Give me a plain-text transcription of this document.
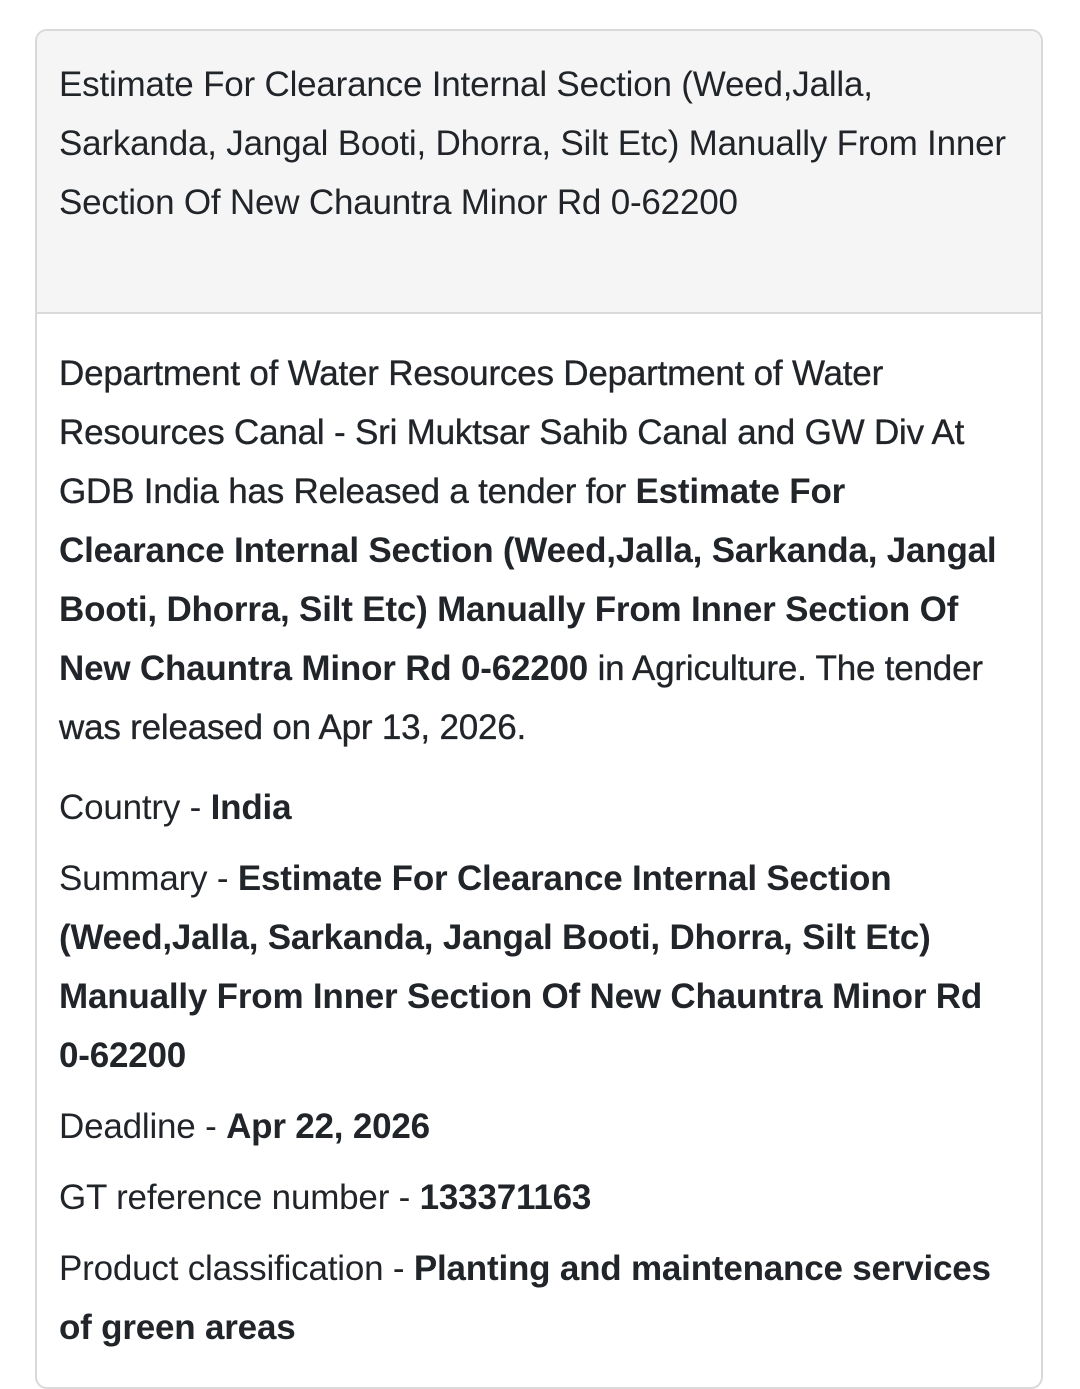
Estimate For Clearance Internal Section (Weed,Jalla, Sarkanda, Jangal Booti, Dhorra, Silt Etc) Manually From Inner Section Of New Chauntra Minor Rd 0-62200

Department of Water Resources Department of Water Resources Canal - Sri Muktsar Sahib Canal and GW Div At GDB India has Released a tender for Estimate For Clearance Internal Section (Weed,Jalla, Sarkanda, Jangal Booti, Dhorra, Silt Etc) Manually From Inner Section Of New Chauntra Minor Rd 0-62200 in Agriculture. The tender was released on Apr 13, 2026.

Country - India

Summary - Estimate For Clearance Internal Section (Weed,Jalla, Sarkanda, Jangal Booti, Dhorra, Silt Etc) Manually From Inner Section Of New Chauntra Minor Rd 0-62200

Deadline - Apr 22, 2026

GT reference number - 133371163

Product classification - Planting and maintenance services of green areas
